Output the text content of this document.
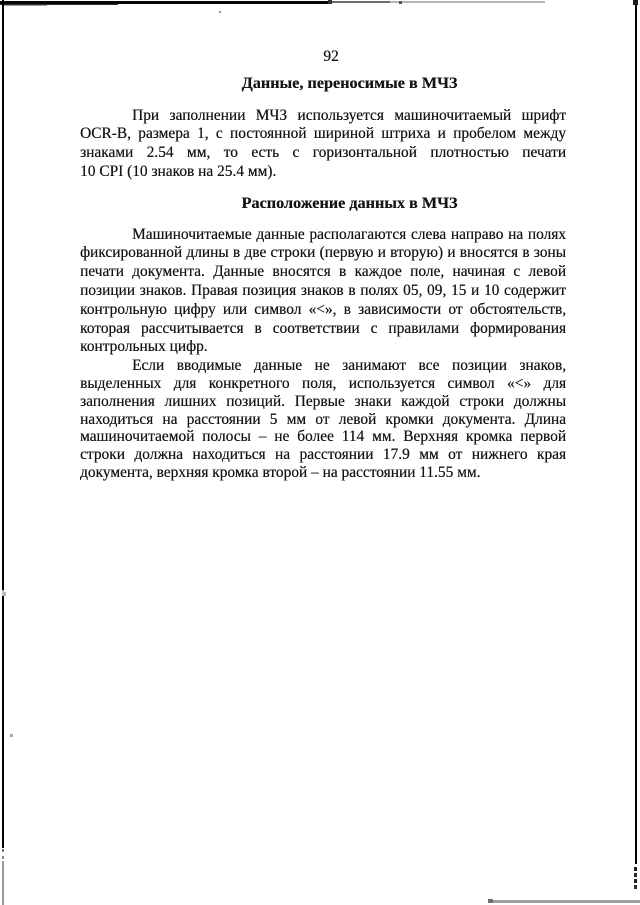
92
Данные, переносимые в МЧЗ
При заполнении МЧЗ используется машиночитаемый шрифт
OCR-B, размера 1, с постоянной шириной штриха и пробелом между
знаками 2.54 мм, то есть с горизонтальной плотностью печати
10 CPI (10 знаков на 25.4 мм).
Расположение данных в МЧЗ
Машиночитаемые данные располагаются слева направо на полях
фиксированной длины в две строки (первую и вторую) и вносятся в зоны
печати документа. Данные вносятся в каждое поле, начиная с левой
позиции знаков. Правая позиция знаков в полях 05, 09, 15 и 10 содержит
контрольную цифру или символ «<», в зависимости от обстоятельств,
которая рассчитывается в соответствии с правилами формирования
контрольных цифр.
Если вводимые данные не занимают все позиции знаков,
выделенных для конкретного поля, используется символ «<» для
заполнения лишних позиций. Первые знаки каждой строки должны
находиться на расстоянии 5 мм от левой кромки документа. Длина
машиночитаемой полосы – не более 114 мм. Верхняя кромка первой
строки должна находиться на расстоянии 17.9 мм от нижнего края
документа, верхняя кромка второй – на расстоянии 11.55 мм.
